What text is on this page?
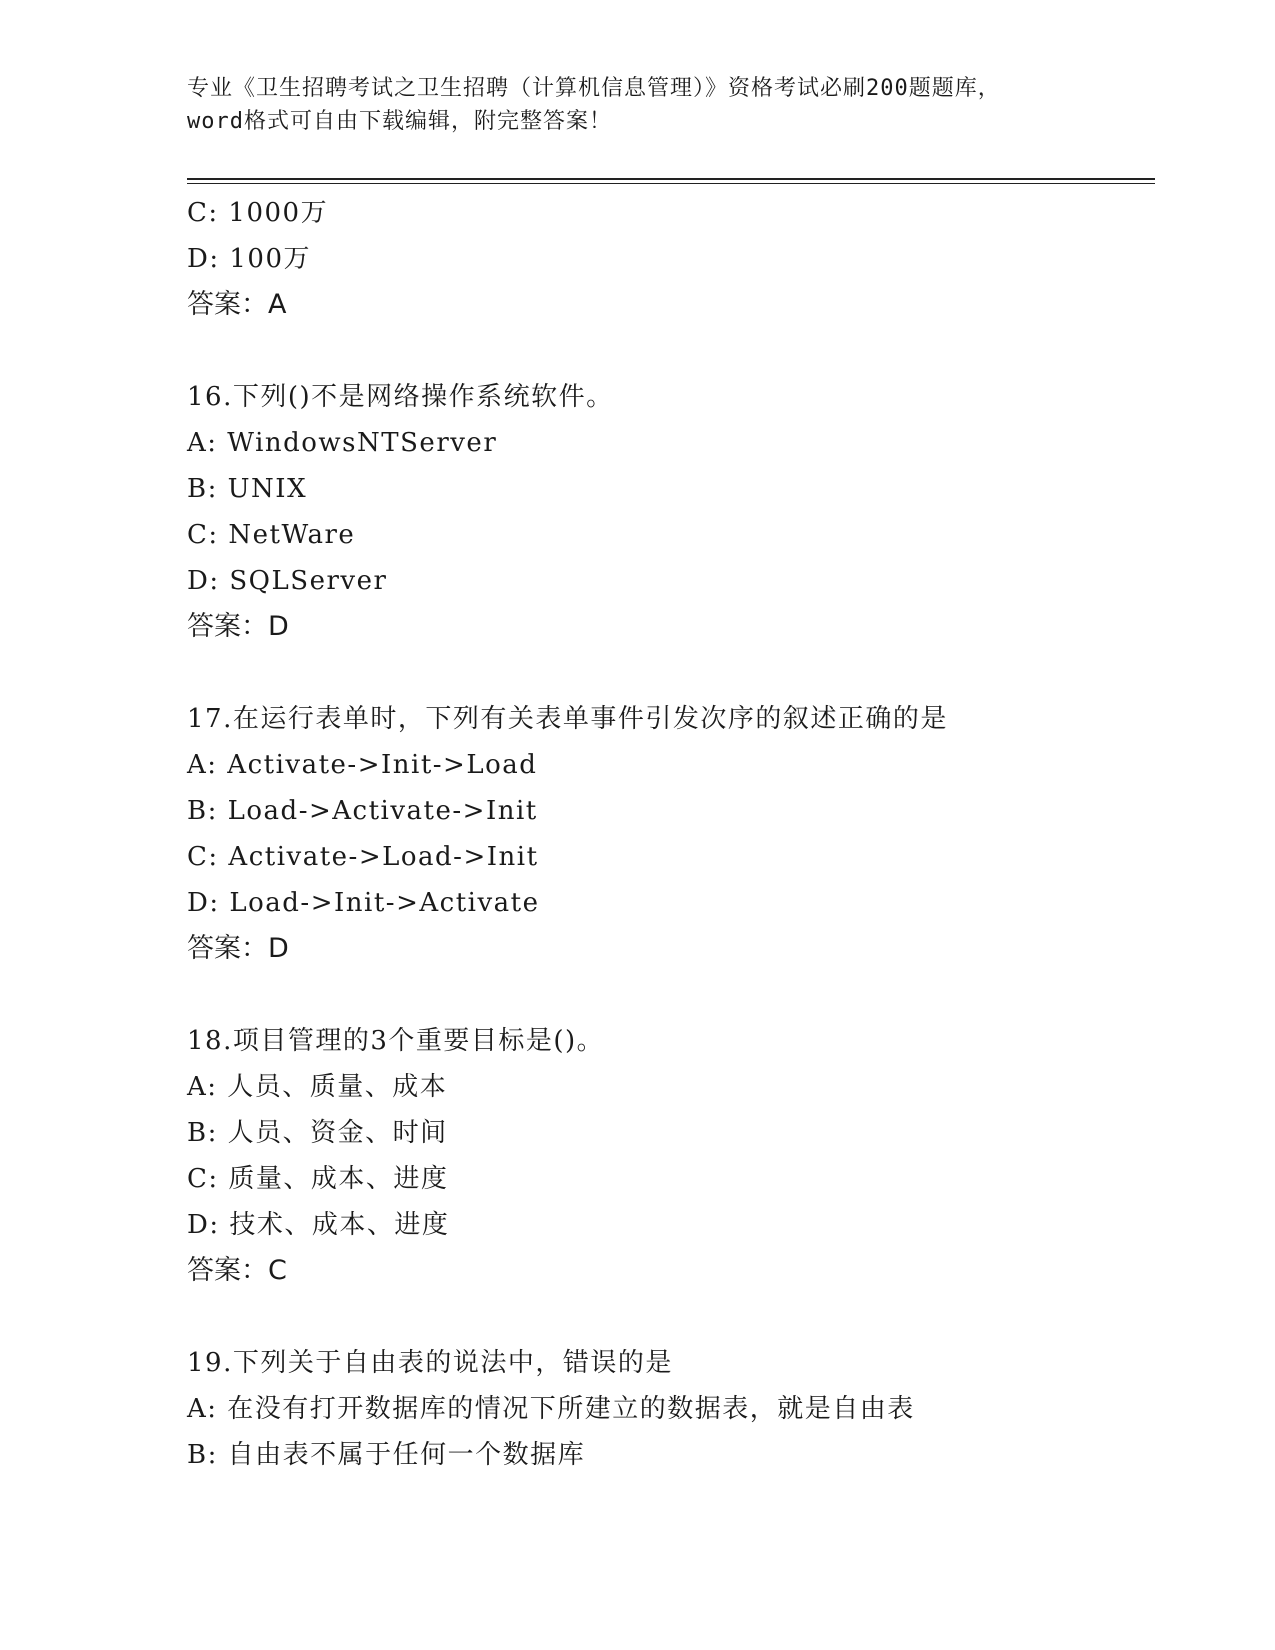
专业《卫生招聘考试之卫生招聘（计算机信息管理）》资格考试必刷200题题库，
word格式可自由下载编辑，附完整答案！
C: 1000万
D: 100万
答案：A
16.下列()不是网络操作系统软件。
A: WindowsNTServer
B: UNIX
C: NetWare
D: SQLServer
答案：D
17.在运行表单时，下列有关表单事件引发次序的叙述正确的是
A: Activate->Init->Load
B: Load->Activate->Init
C: Activate->Load->Init
D: Load->Init->Activate
答案：D
18.项目管理的3个重要目标是()。
A: 人员、质量、成本
B: 人员、资金、时间
C: 质量、成本、进度
D: 技术、成本、进度
答案：C
19.下列关于自由表的说法中，错误的是
A: 在没有打开数据库的情况下所建立的数据表，就是自由表
B: 自由表不属于任何一个数据库
